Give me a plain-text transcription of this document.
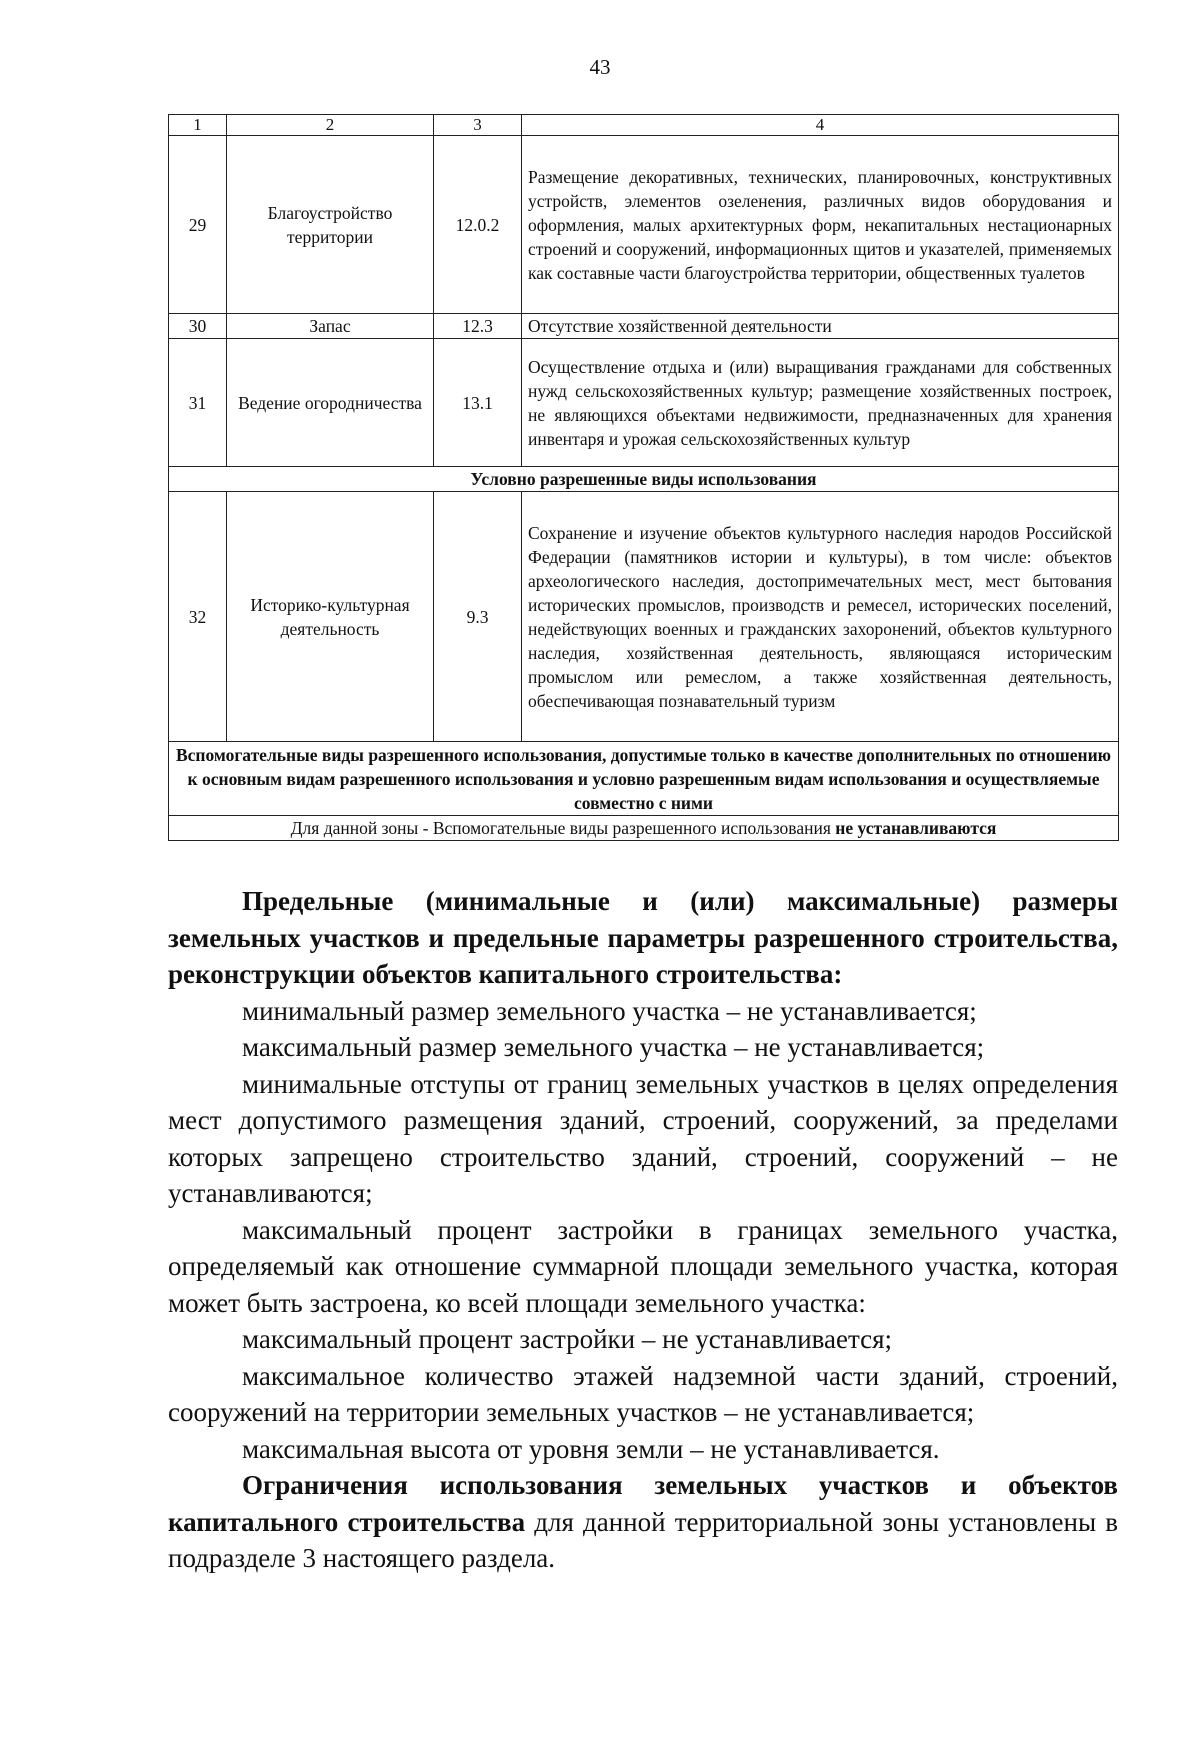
43
1	2	3	4
29	Благоустройство территории	12.0.2	Размещение декоративных, технических, планировочных, конструктивных устройств, элементов озеленения, различных видов оборудования и оформления, малых архитектурных форм, некапитальных нестационарных строений и сооружений, информационных щитов и указателей, применяемых как составные части благоустройства территории, общественных туалетов
30	Запас	12.3	Отсутствие хозяйственной деятельности
31	Ведение огородничества	13.1	Осуществление отдыха и (или) выращивания гражданами для собственных нужд сельскохозяйственных культур; размещение хозяйственных построек, не являющихся объектами недвижимости, предназначенных для хранения инвентаря и урожая сельскохозяйственных культур
Условно разрешенные виды использования			
32	Историко-культурная деятельность	9.3	Сохранение и изучение объектов культурного наследия народов Российской Федерации (памятников истории и культуры), в том числе: объектов археологического наследия, достопримечательных мест, мест бытования исторических промыслов, производств и ремесел, исторических поселений, недействующих военных и гражданских захоронений, объектов культурного наследия, хозяйственная деятельность, являющаяся историческим промыслом или ремеслом, а также хозяйственная деятельность, обеспечивающая познавательный туризм
Вспомогательные виды разрешенного использования, допустимые только в качестве дополнительных по отношению к основным видам разрешенного использования и условно разрешенным видам использования и осуществляемые совместно с ними			
Для данной зоны - Вспомогательные виды разрешенного использования не устанавливаются			

Предельные (минимальные и (или) максимальные) размеры земельных участков и предельные параметры разрешенного строительства, реконструкции объектов капитального строительства:

минимальный размер земельного участка – не устанавливается;

максимальный размер земельного участка – не устанавливается;

минимальные отступы от границ земельных участков в целях определения мест допустимого размещения зданий, строений, сооружений, за пределами которых запрещено строительство зданий, строений, сооружений – не устанавливаются;

максимальный процент застройки в границах земельного участка, определяемый как отношение суммарной площади земельного участка, которая может быть застроена, ко всей площади земельного участка:

максимальный процент застройки – не устанавливается;

максимальное количество этажей надземной части зданий, строений, сооружений на территории земельных участков – не устанавливается;

максимальная высота от уровня земли – не устанавливается.

Ограничения использования земельных участков и объектов капитального строительства для данной территориальной зоны установлены в подразделе 3 настоящего раздела.
